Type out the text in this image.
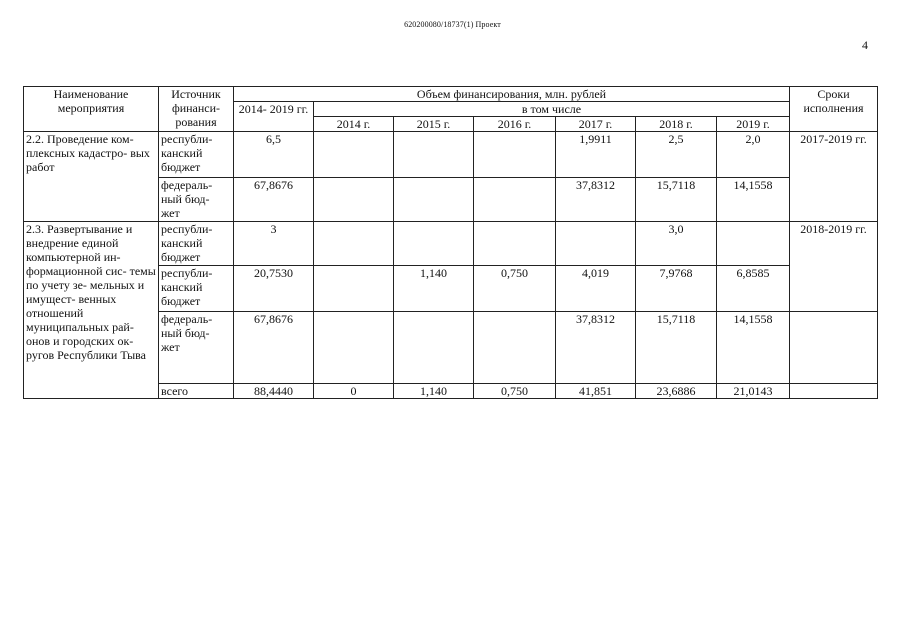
620200080/18737(1) Проект
4
Наименование мероприятия	Источник финанси- рования	Объем финансирования, млн. рублей							Сроки исполнения
		2014- 2019 гг.	в том числе						
			2014 г.	2015 г.	2016 г.	2017 г.	2018 г.	2019 г.	
2.2. Проведение ком- плексных кадастро- вых работ	республи- канский бюджет	6,5				1,9911	2,5	2,0	2017-2019 гг.
	федераль- ный бюд- жет	67,8676				37,8312	15,7118	14,1558	
2.3. Развертывание и внедрение единой компьютерной ин- формационной сис- темы по учету зе- мельных и имущест- венных отношений муниципальных рай- онов и городских ок- ругов Республики Тыва	республи- канский бюджет	3					3,0		2018-2019 гг.
	республи- канский бюджет	20,7530		1,140	0,750	4,019	7,9768	6,8585	
	федераль- ный бюд- жет	67,8676				37,8312	15,7118	14,1558	
	всего	88,4440	0	1,140	0,750	41,851	23,6886	21,0143	
